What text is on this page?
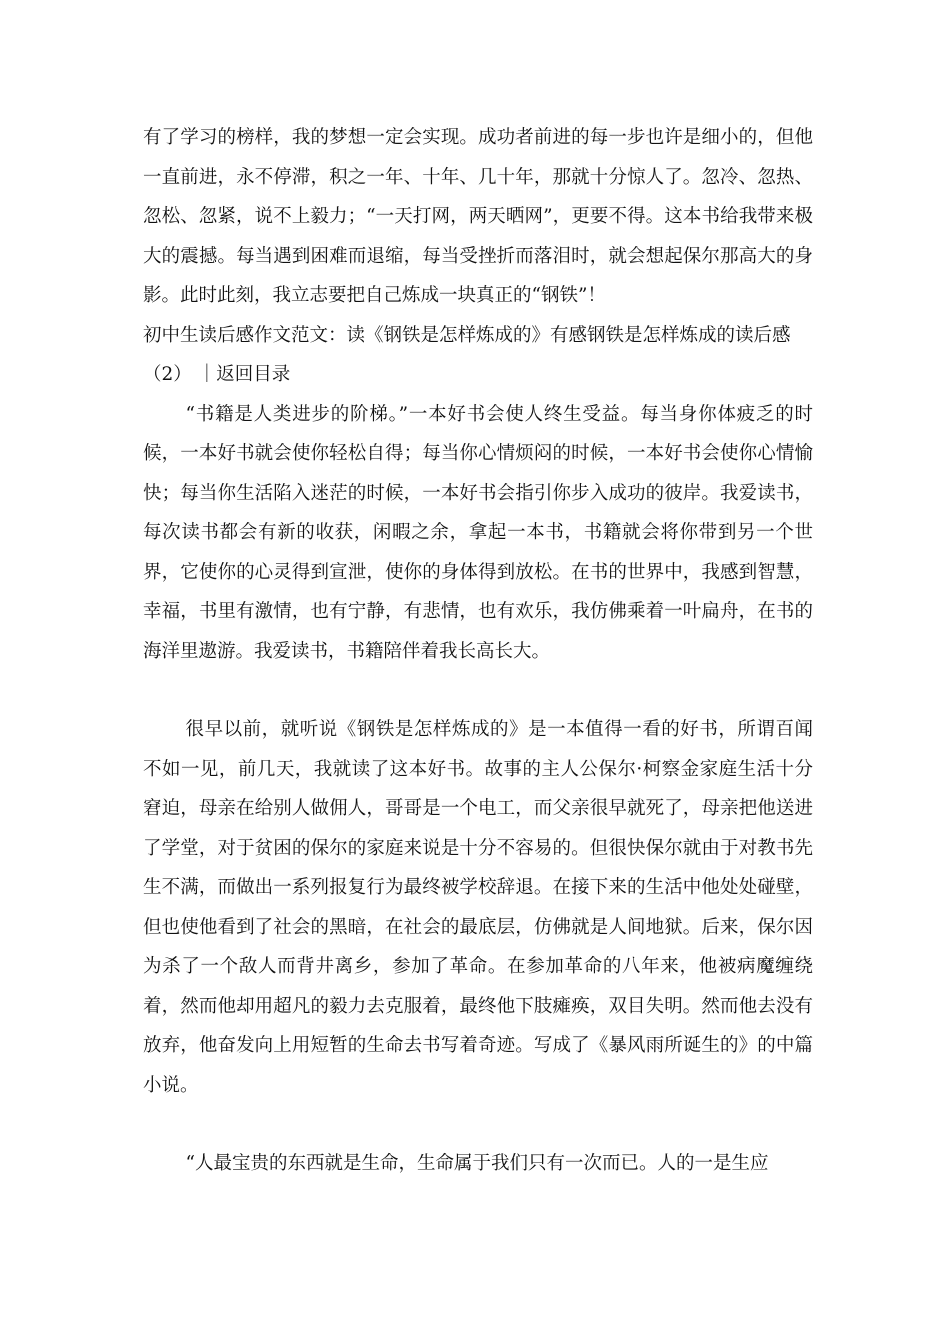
有了学习的榜样，我的梦想一定会实现。成功者前进的每一步也许是细小的，但他一直前进，永不停滞，积之一年、十年、几十年，那就十分惊人了。忽冷、忽热、忽松、忽紧，说不上毅力；“一天打网，两天晒网”，更要不得。这本书给我带来极大的震撼。每当遇到困难而退缩，每当受挫折而落泪时，就会想起保尔那高大的身影。此时此刻，我立志要把自己炼成一块真正的“钢铁”！

初中生读后感作文范文：读《钢铁是怎样炼成的》有感钢铁是怎样炼成的读后感（2） ｜返回目录

“书籍是人类进步的阶梯。”一本好书会使人终生受益。每当身你体疲乏的时候，一本好书就会使你轻松自得；每当你心情烦闷的时候，一本好书会使你心情愉快；每当你生活陷入迷茫的时候，一本好书会指引你步入成功的彼岸。我爱读书，每次读书都会有新的收获，闲暇之余，拿起一本书，书籍就会将你带到另一个世界，它使你的心灵得到宣泄，使你的身体得到放松。在书的世界中，我感到智慧，幸福，书里有激情，也有宁静，有悲情，也有欢乐，我仿佛乘着一叶扁舟，在书的海洋里遨游。我爱读书，书籍陪伴着我长高长大。

很早以前，就听说《钢铁是怎样炼成的》是一本值得一看的好书，所谓百闻不如一见，前几天，我就读了这本好书。故事的主人公保尔·柯察金家庭生活十分窘迫，母亲在给别人做佣人，哥哥是一个电工，而父亲很早就死了，母亲把他送进了学堂，对于贫困的保尔的家庭来说是十分不容易的。但很快保尔就由于对教书先生不满，而做出一系列报复行为最终被学校辞退。在接下来的生活中他处处碰壁，但也使他看到了社会的黑暗，在社会的最底层，仿佛就是人间地狱。后来，保尔因为杀了一个敌人而背井离乡，参加了革命。在参加革命的八年来，他被病魔缠绕着，然而他却用超凡的毅力去克服着，最终他下肢瘫痪，双目失明。然而他去没有放弃，他奋发向上用短暂的生命去书写着奇迹。写成了《暴风雨所诞生的》的中篇小说。

“人最宝贵的东西就是生命，生命属于我们只有一次而已。人的一是生应
